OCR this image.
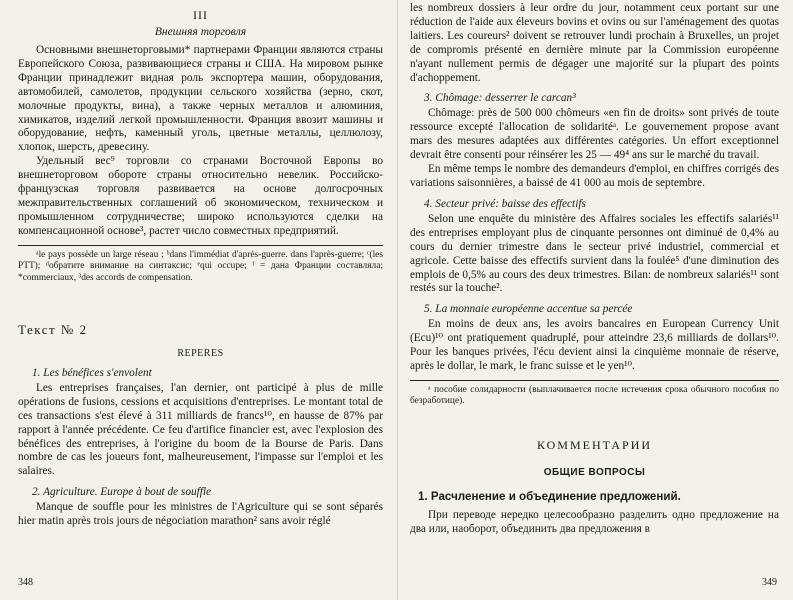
III
Внешняя торговля

Основными внешнеторговыми* партнерами Франции являются страны Европейского Союза, развивающиеся страны и США. На мировом рынке Франции принадлежит видная роль экспортера машин, оборудования, автомобилей, самолетов, продукции сельского хозяйства (зерно, скот, молочные продукты, вина), а также черных металлов и алюминия, химикатов, изделий легкой промышленности. Франция ввозит машины и оборудование, нефть, каменный уголь, цветные металлы, целлюлозу, хлопок, шерсть, древесину.

Удельный вес⁹ торговли со странами Восточной Европы во внешнеторговом обороте страны относительно невелик. Российско-французская торговля развивается на основе долгосрочных межправительственных соглашений об экономическом, техническом и промышленном сотрудничестве; широко используются сделки на компенсационной основе³, растет число совместных предприятий.

ᵃle pays possède un large réseau ; ᵇdans l'immédiat d'après-guerre. dans l'après-guerre; ᶜ(les PTT); ᵈобратите внимание на синтаксис; ᵉqui occupe; ᶠ = дана Франции составляла; *commerciaux, ³des accords de compensation.

Текст № 2
REPERES
1. Les bénéfices s'envolent

Les entreprises françaises, l'an dernier, ont participé à plus de mille opérations de fusions, cessions et acquisitions d'entreprises. Le montant total de ces transactions s'est élevé à 311 milliards de francs¹⁰, en hausse de 87% par rapport à l'année précédente. Ce feu d'artifice financier est, avec l'explosion des bénéfices des entreprises, à l'origine du boom de la Bourse de Paris. Dans nombre de cas les joueurs font, malheureusement, l'impasse sur l'emploi et les salaires.

2. Agriculture. Europe à bout de souffle

Manque de souffle pour les ministres de l'Agriculture qui se sont séparés hier matin après trois jours de négociation marathon² sans avoir réglé

348

les nombreux dossiers à leur ordre du jour, notamment ceux portant sur une réduction de l'aide aux éleveurs bovins et ovins ou sur l'aménagement des quotas laitiers. Les coureurs² doivent se retrouver lundi prochain à Bruxelles, un projet de compromis présenté en dernière minute par la Commission européenne n'ayant nullement permis de dégager une majorité sur la plupart des points d'achoppement.

3. Chômage: desserrer le carcan³

Chômage: près de 500 000 chômeurs «en fin de droits» sont privés de toute ressource excepté l'allocation de solidaritéᵃ. Le gouvernement propose avant mars des mesures adaptées aux différentes catégories. Un effort exceptionnel devrait être consenti pour réinsérer les 25 — 49⁴ ans sur le marché du travail.

En même temps le nombre des demandeurs d'emploi, en chiffres corrigés des variations saisonnières, a baissé de 41 000 au mois de septembre.

4. Secteur privé: baisse des effectifs

Selon une enquête du ministère des Affaires sociales les effectifs salariés¹¹ des entreprises employant plus de cinquante personnes ont diminué de 0,4% au cours du dernier trimestre dans le secteur privé industriel, commercial et agricole. Cette baisse des effectifs survient dans la foulée⁵ d'une diminution des emplois de 0,5% au cours des deux trimestres. Bilan: de nombreux salariés¹¹ sont restés sur la touche².

5. La monnaie européenne accentue sa percée

En moins de deux ans, les avoirs bancaires en European Currency Unit (Ecu)¹⁰ ont pratiquement quadruplé, pour atteindre 23,6 milliards de dollars¹⁰. Pour les banques privées, l'écu devient ainsi la cinquième monnaie de réserve, après le dollar, le mark, le franc suisse et le yen¹⁰.

ᵃ пособие солидарности (выплачивается после истечения срока обычного пособия по безработице).

КОММЕНТАРИИ
ОБЩИЕ ВОПРОСЫ
1. Расчленение и объединение предложений.

При переводе нередко целесообразно разделить одно предложение на два или, наоборот, объединить два предложения в

349
